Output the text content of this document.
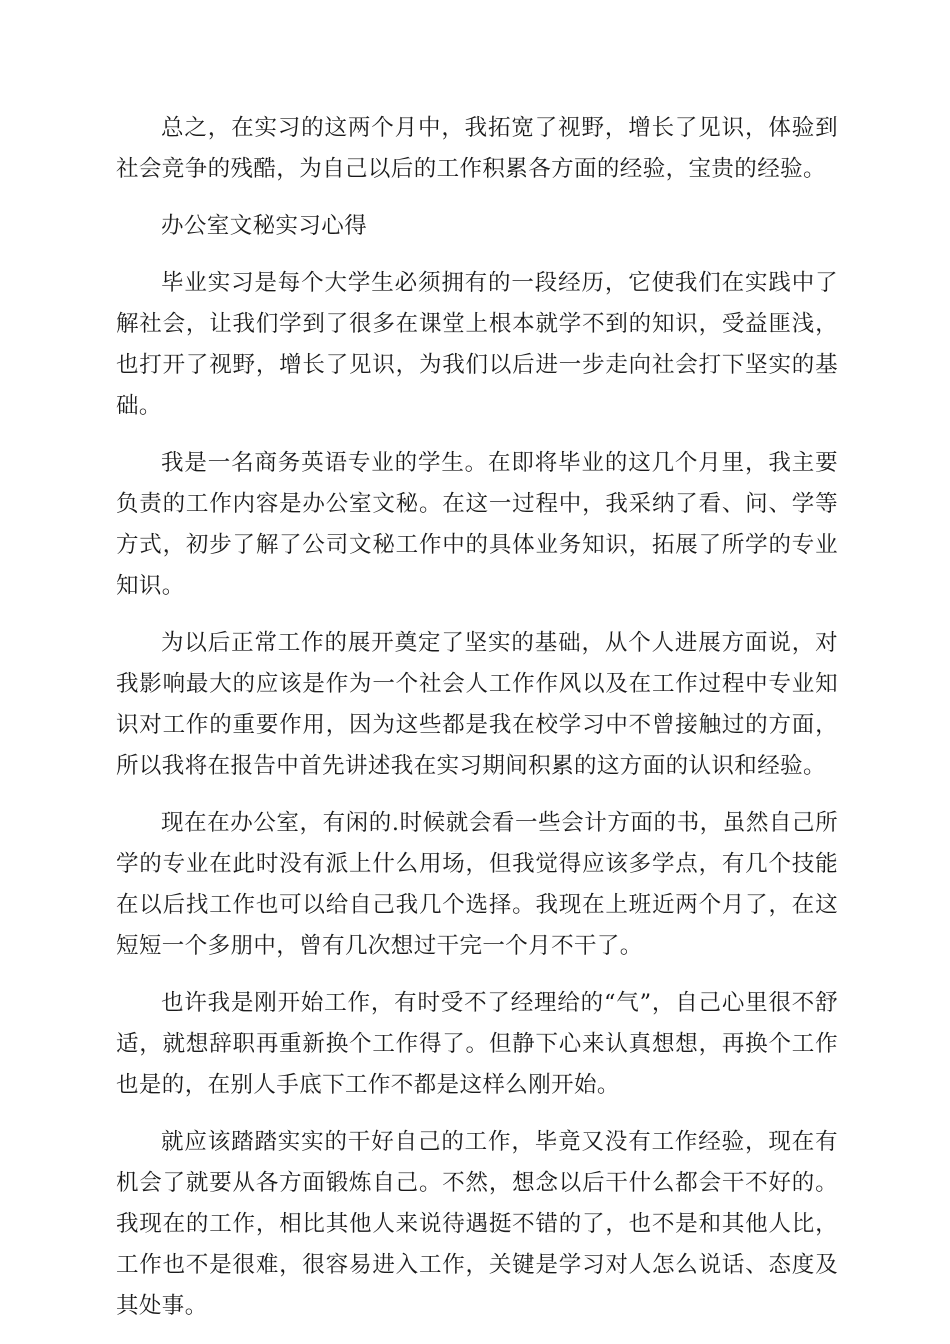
总之，在实习的这两个月中，我拓宽了视野，增长了见识，体验到社会竞争的残酷，为自己以后的工作积累各方面的经验，宝贵的经验。

办公室文秘实习心得

毕业实习是每个大学生必须拥有的一段经历，它使我们在实践中了解社会，让我们学到了很多在课堂上根本就学不到的知识，受益匪浅，也打开了视野，增长了见识，为我们以后进一步走向社会打下坚实的基础。

我是一名商务英语专业的学生。在即将毕业的这几个月里，我主要负责的工作内容是办公室文秘。在这一过程中，我采纳了看、问、学等方式，初步了解了公司文秘工作中的具体业务知识，拓展了所学的专业知识。

为以后正常工作的展开奠定了坚实的基础，从个人进展方面说，对我影响最大的应该是作为一个社会人工作作风以及在工作过程中专业知识对工作的重要作用，因为这些都是我在校学习中不曾接触过的方面，所以我将在报告中首先讲述我在实习期间积累的这方面的认识和经验。

现在在办公室，有闲的.时候就会看一些会计方面的书，虽然自己所学的专业在此时没有派上什么用场，但我觉得应该多学点，有几个技能在以后找工作也可以给自己我几个选择。我现在上班近两个月了，在这短短一个多朋中，曾有几次想过干完一个月不干了。

也许我是刚开始工作，有时受不了经理给的“气”，自己心里很不舒适，就想辞职再重新换个工作得了。但静下心来认真想想，再换个工作也是的，在别人手底下工作不都是这样么刚开始。

就应该踏踏实实的干好自己的工作，毕竟又没有工作经验，现在有机会了就要从各方面锻炼自己。不然，想念以后干什么都会干不好的。我现在的工作，相比其他人来说待遇挺不错的了，也不是和其他人比，工作也不是很难，很容易进入工作，关键是学习对人怎么说话、态度及其处事。
